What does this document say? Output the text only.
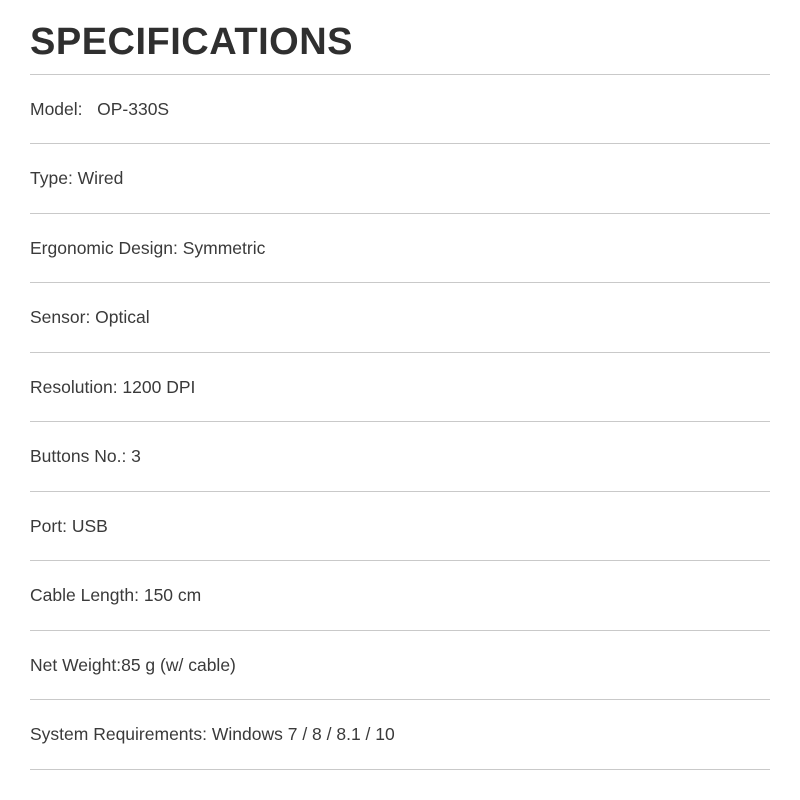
SPECIFICATIONS
Model:   OP-330S
Type: Wired
Ergonomic Design: Symmetric
Sensor: Optical
Resolution: 1200 DPI
Buttons No.: 3
Port: USB
Cable Length: 150 cm
Net Weight:85 g (w/ cable)
System Requirements: Windows 7 / 8 / 8.1 / 10
